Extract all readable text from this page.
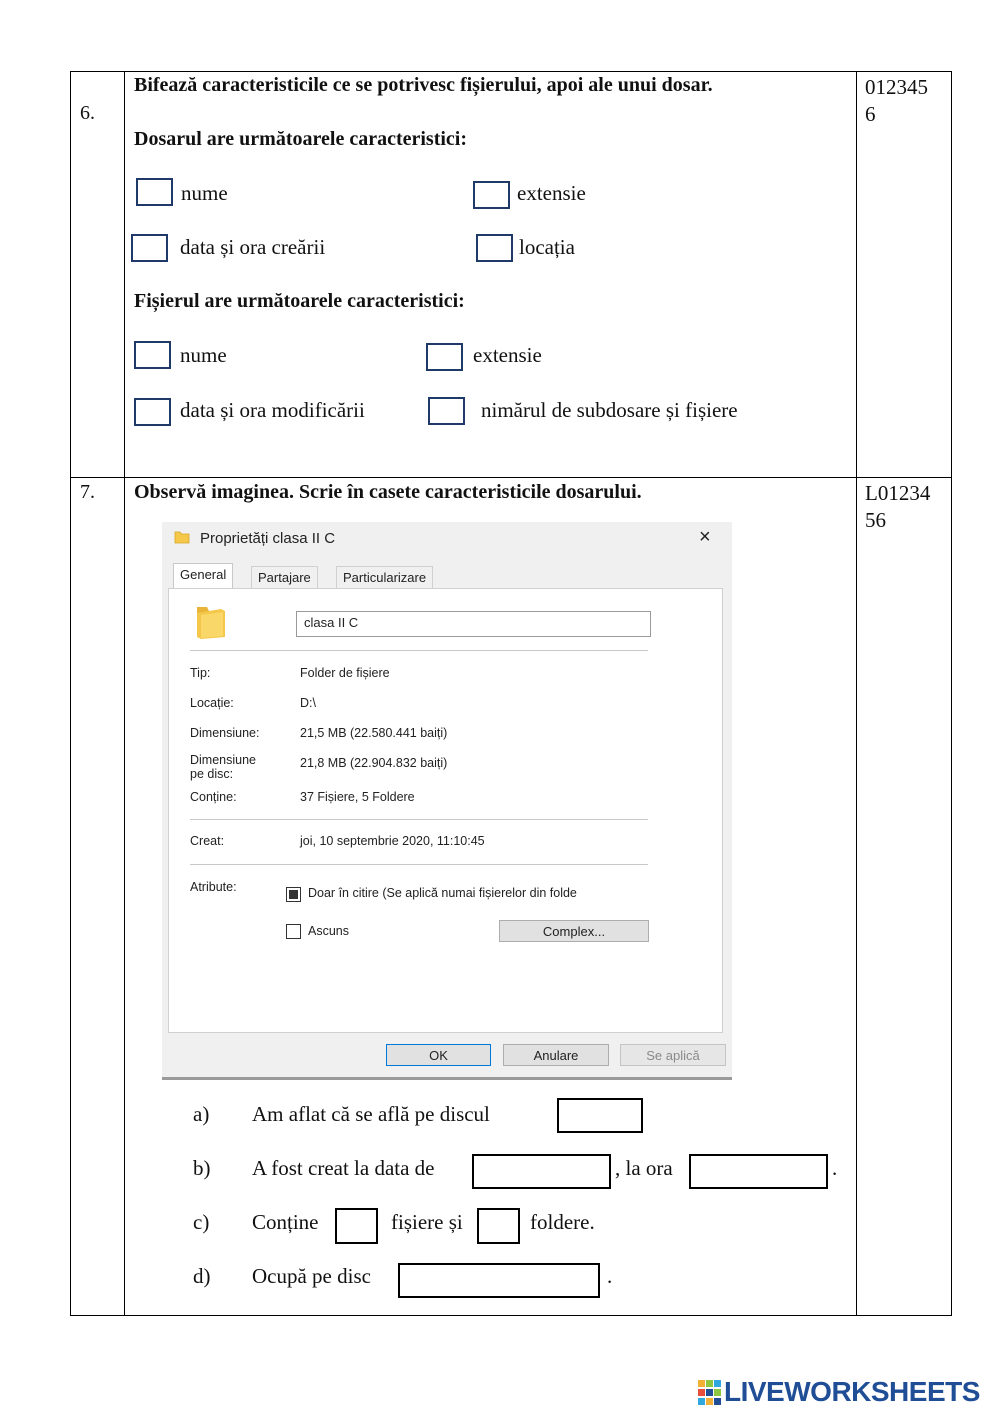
6.
Bifează caracteristicile ce se potrivesc fișierului, apoi ale unui dosar.	012345
6
Dosarul are următoarele caracteristici:
nume	extensie
data și ora creării	locația
Fișierul are următoarele caracteristici:
nume	extensie
data și ora modificării	nimărul de subdosare și fișiere
7. Observă imaginea. Scrie în casete caracteristicile dosarului.	L01234
56
Proprietăți clasa II C	×
General	Partajare	Particularizare
clasa II C
Tip:	Folder de fișiere
Locație:	D:\
Dimensiune:	21,5 MB (22.580.441 baiți)
Dimensiune
pe disc:
21,8 MB (22.904.832 baiți)
Conține:	37 Fișiere, 5 Foldere
Creat:	joi, 10 septembrie 2020, 11:10:45
Atribute:	Doar în citire (Se aplică numai fișierelor din folde
Ascuns	Complex...
OK	Anulare	Se aplică
a) Am aflat că se află pe discul
b) A fost creat la data de	, la ora	.
c) Conține	fișiere și	foldere.
d) Ocupă pe disc	.
LIVEWORKSHEETS
